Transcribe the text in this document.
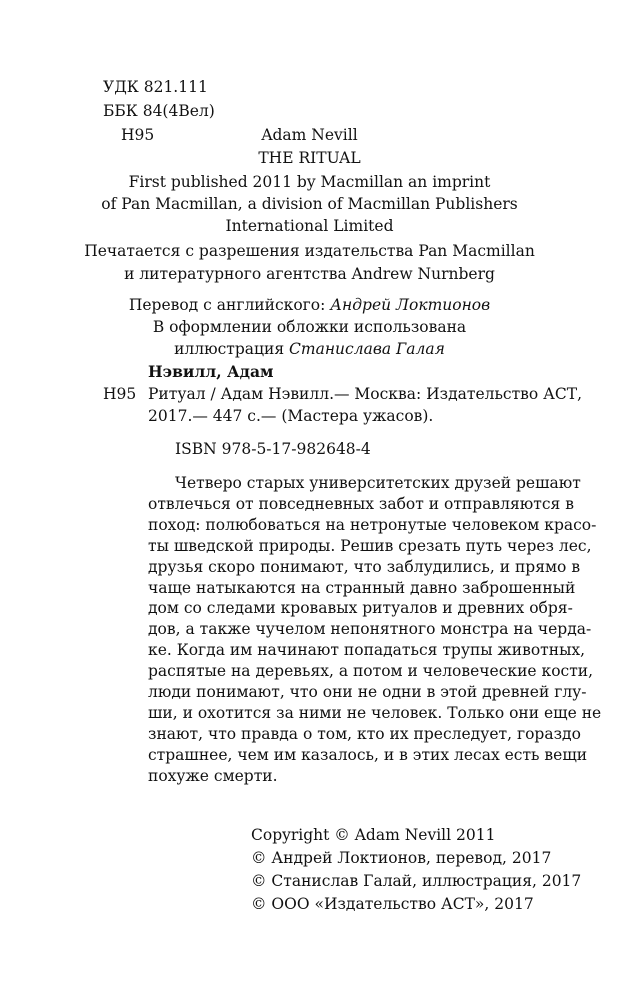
УДК 821.111
ББК 84(4Вел)
Н95	Adam Nevill
THE RITUAL
First published 2011 by Macmillan an imprint
of Pan Macmillan, a division of Macmillan Publishers
International Limited
Печатается с разрешения издательства Pan Macmillan
и литературного агентства Andrew Nurnberg
Перевод с английского: Андрей Локтионов
В оформлении обложки использована
иллюстрация Станислава Галая
Нэвилл, Адам
Н95 Ритуал / Адам Нэвилл.— Москва: Издательство АСТ,
2017.— 447 с.— (Мастера ужасов).
ISBN 978-5-17-982648-4
Четверо старых университетских друзей решают
отвлечься от повседневных забот и отправляются в
поход: полюбоваться на нетронутые человеком красо-
ты шведской природы. Решив срезать путь через лес,
друзья скоро понимают, что заблудились, и прямо в
чаще натыкаются на странный давно заброшенный
дом со следами кровавых ритуалов и древних обря-
дов, а также чучелом непонятного монстра на черда-
ке. Когда им начинают попадаться трупы животных,
распятые на деревьях, а потом и человеческие кости,
люди понимают, что они не одни в этой древней глу-
ши, и охотится за ними не человек. Только они еще не
знают, что правда о том, кто их преследует, гораздо
страшнее, чем им казалось, и в этих лесах есть вещи
похуже смерти.
Copyright © Adam Nevill 2011
© Андрей Локтионов, перевод, 2017
© Станислав Галай, иллюстрация, 2017
© ООО «Издательство АСТ», 2017
